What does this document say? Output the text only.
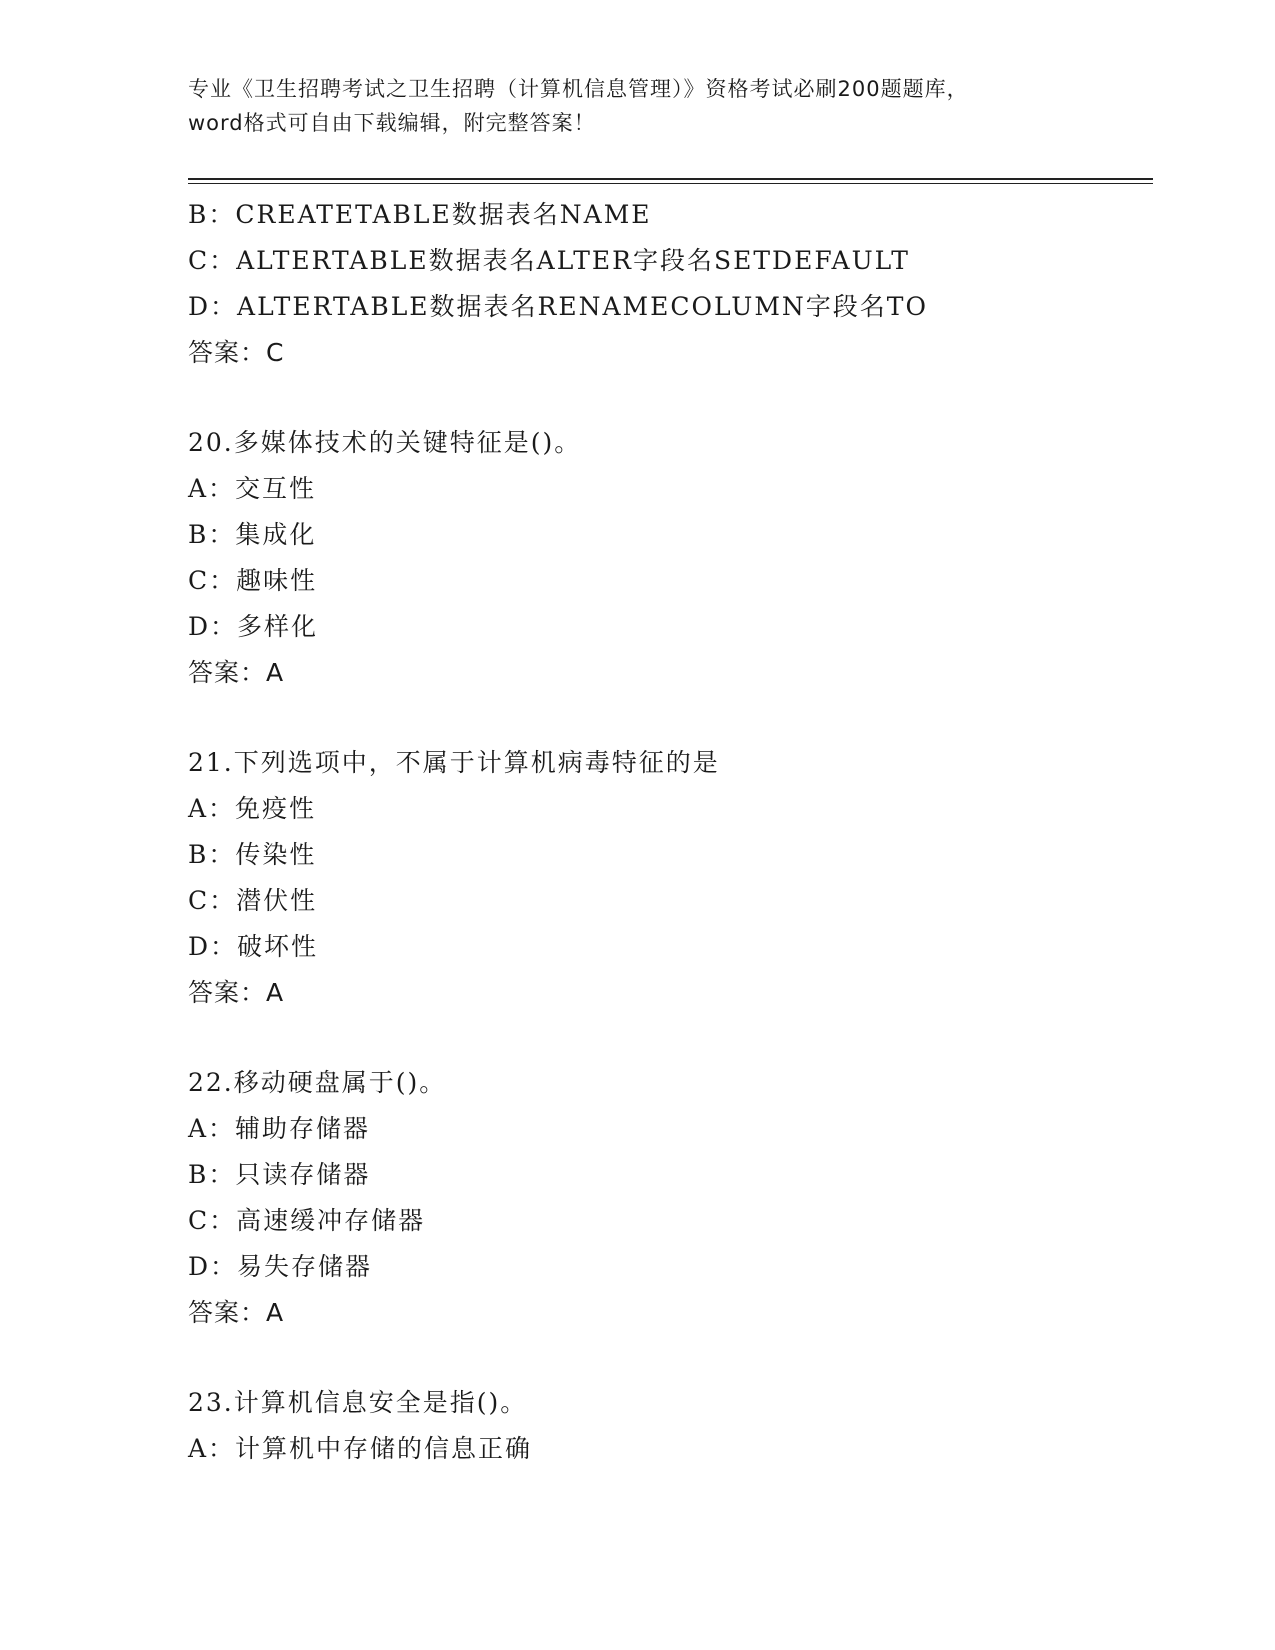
专业《卫生招聘考试之卫生招聘（计算机信息管理）》资格考试必刷200题题库，
word格式可自由下载编辑，附完整答案！
B：CREATETABLE数据表名NAME
C：ALTERTABLE数据表名ALTER字段名SETDEFAULT
D：ALTERTABLE数据表名RENAMECOLUMN字段名TO
答案：C
20.多媒体技术的关键特征是()。
A：交互性
B：集成化
C：趣味性
D：多样化
答案：A
21.下列选项中，不属于计算机病毒特征的是
A：免疫性
B：传染性
C：潜伏性
D：破坏性
答案：A
22.移动硬盘属于()。
A：辅助存储器
B：只读存储器
C：高速缓冲存储器
D：易失存储器
答案：A
23.计算机信息安全是指()。
A：计算机中存储的信息正确
